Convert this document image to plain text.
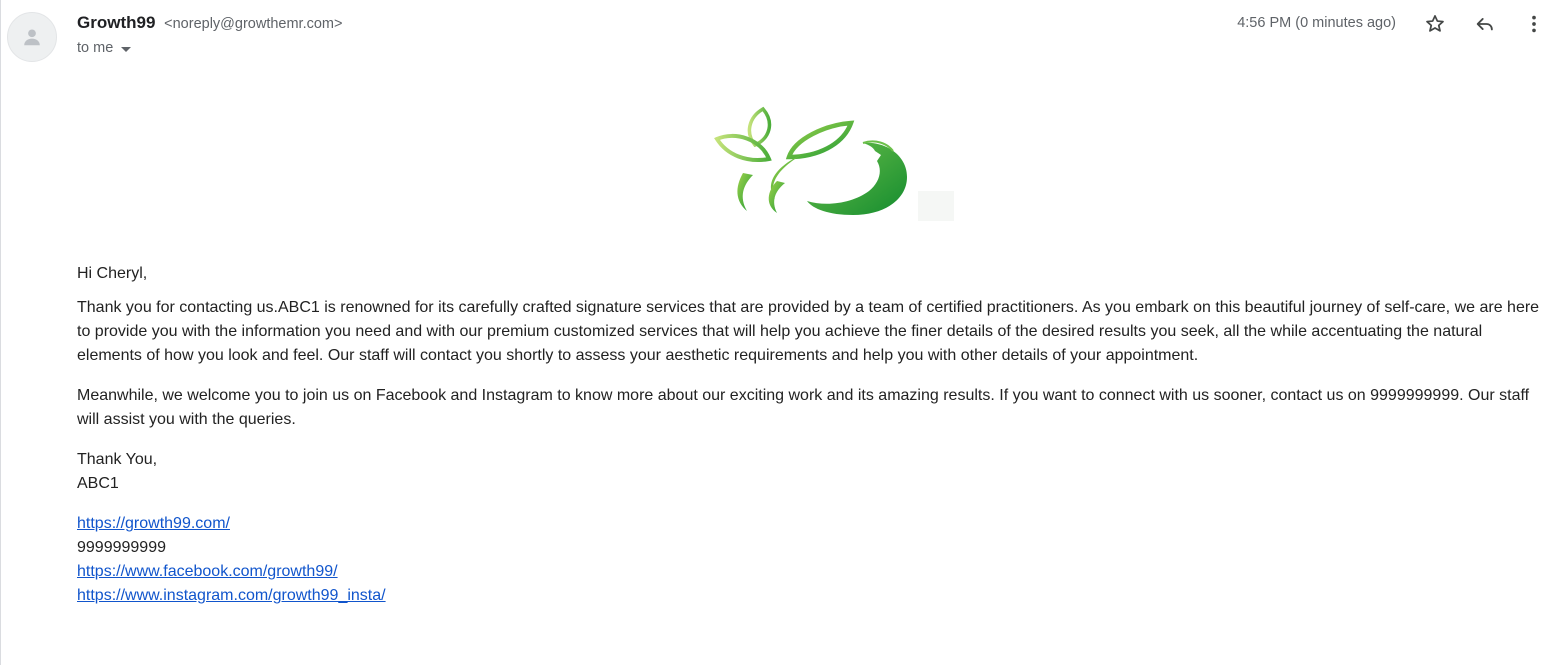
Growth99 <noreply@growthemr.com>
to me
4:56 PM (0 minutes ago)

Hi Cheryl,

Thank you for contacting us.ABC1 is renowned for its carefully crafted signature services that are provided by a team of certified practitioners. As you embark on this beautiful journey of self-care, we are here to provide you with the information you need and with our premium customized services that will help you achieve the finer details of the desired results you seek, all the while accentuating the natural elements of how you look and feel. Our staff will contact you shortly to assess your aesthetic requirements and help you with other details of your appointment.

Meanwhile, we welcome you to join us on Facebook and Instagram to know more about our exciting work and its amazing results. If you want to connect with us sooner, contact us on 9999999999. Our staff will assist you with the queries.

Thank You,
ABC1

https://growth99.com/
9999999999
https://www.facebook.com/growth99/
https://www.instagram.com/growth99_insta/
